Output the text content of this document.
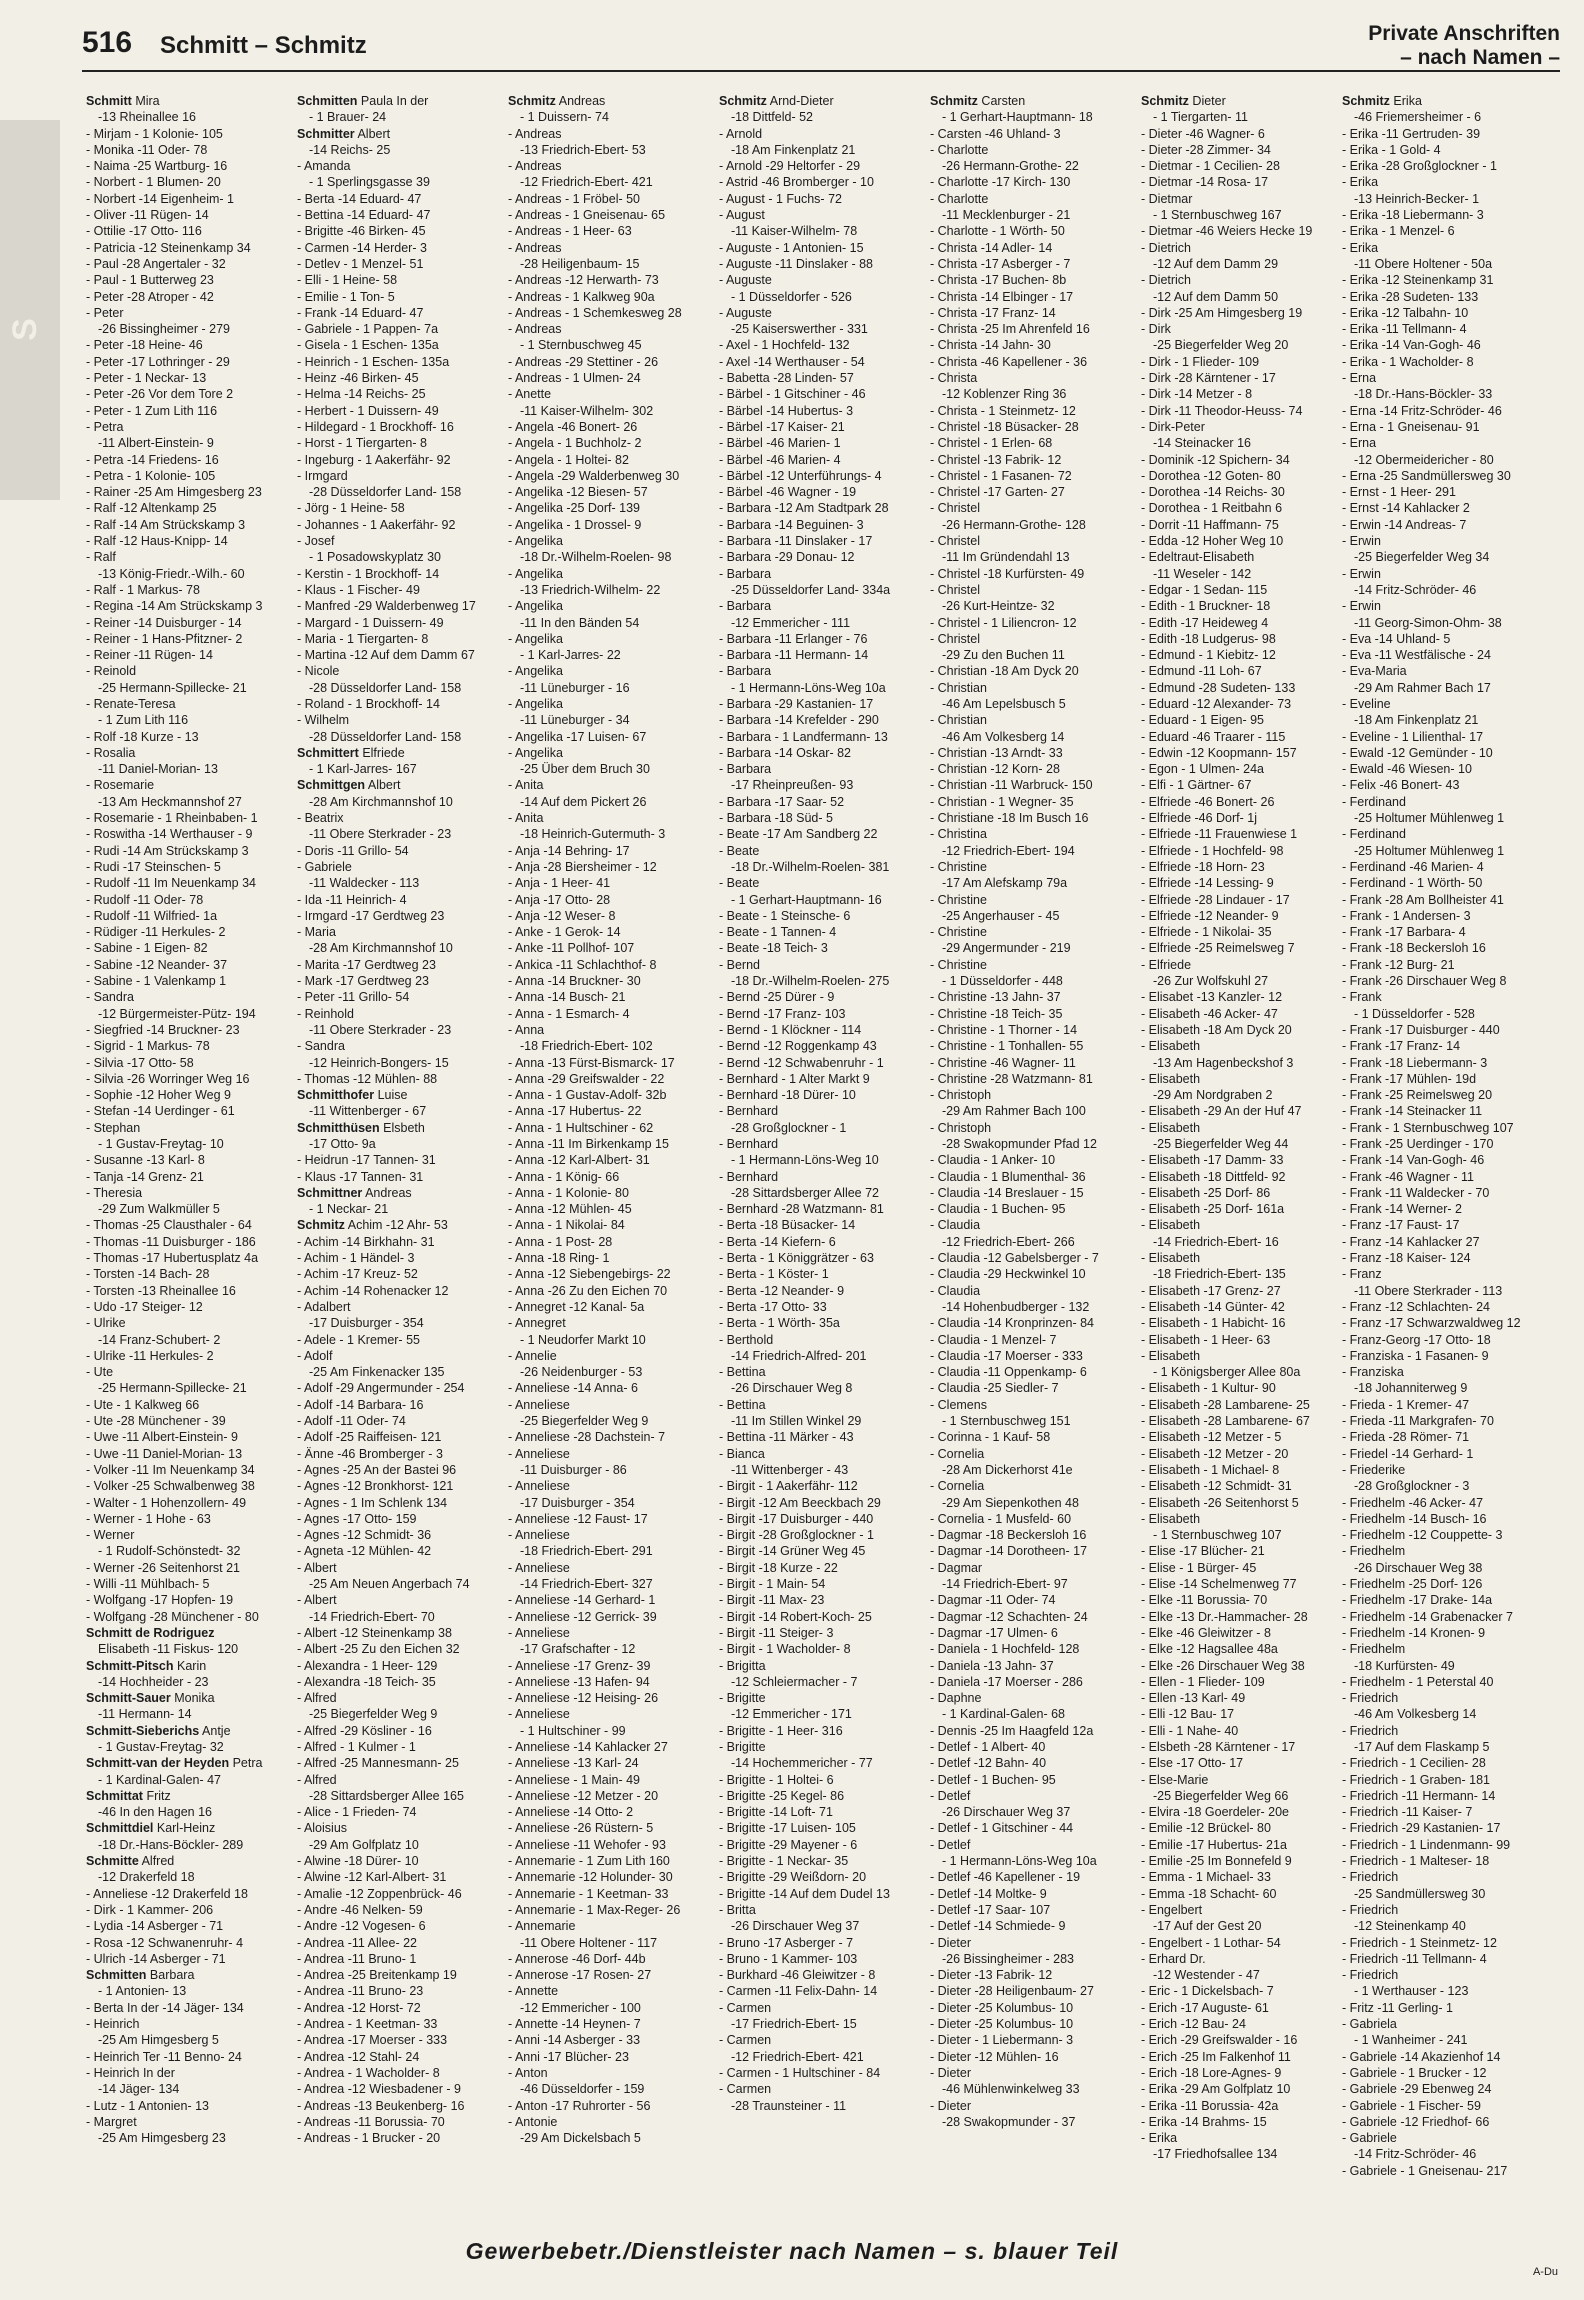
516 Schmitt – Schmitz	Private Anschriften
– nach Namen –
S
Schmitt Mira
-13 Rheinallee 16
- Mirjam - 1 Kolonie- 105
- Monika -11 Oder- 78
- Naima -25 Wartburg- 16
- Norbert - 1 Blumen- 20
- Norbert -14 Eigenheim- 1
- Oliver -11 Rügen- 14
- Ottilie -17 Otto- 116
- Patricia -12 Steinenkamp 34
- Paul -28 Angertaler - 32
- Paul - 1 Butterweg 23
- Peter -28 Atroper - 42
- Peter
-26 Bissingheimer - 279
- Peter -18 Heine- 46
- Peter -17 Lothringer - 29
- Peter - 1 Neckar- 13
- Peter -26 Vor dem Tore 2
- Peter - 1 Zum Lith 116
- Petra
-11 Albert-Einstein- 9
- Petra -14 Friedens- 16
- Petra - 1 Kolonie- 105
- Rainer -25 Am Himgesberg 23
- Ralf -12 Altenkamp 25
- Ralf -14 Am Strückskamp 3
- Ralf -12 Haus-Knipp- 14
- Ralf
-13 König-Friedr.-Wilh.- 60
- Ralf - 1 Markus- 78
- Regina -14 Am Strückskamp 3
- Reiner -14 Duisburger - 14
- Reiner - 1 Hans-Pfitzner- 2
- Reiner -11 Rügen- 14
- Reinold
-25 Hermann-Spillecke- 21
- Renate-Teresa
- 1 Zum Lith 116
- Rolf -18 Kurze - 13
- Rosalia
-11 Daniel-Morian- 13
- Rosemarie
-13 Am Heckmannshof 27
- Rosemarie - 1 Rheinbaben- 1
- Roswitha -14 Werthauser - 9
- Rudi -14 Am Strückskamp 3
- Rudi -17 Steinschen- 5
- Rudolf -11 Im Neuenkamp 34
- Rudolf -11 Oder- 78
- Rudolf -11 Wilfried- 1a
- Rüdiger -11 Herkules- 2
- Sabine - 1 Eigen- 82
- Sabine -12 Neander- 37
- Sabine - 1 Valenkamp 1
- Sandra
-12 Bürgermeister-Pütz- 194
- Siegfried -14 Bruckner- 23
- Sigrid - 1 Markus- 78
- Silvia -17 Otto- 58
- Silvia -26 Worringer Weg 16
- Sophie -12 Hoher Weg 9
- Stefan -14 Uerdinger - 61
- Stephan
- 1 Gustav-Freytag- 10
- Susanne -13 Karl- 8
- Tanja -14 Grenz- 21
- Theresia
-29 Zum Walkmüller 5
- Thomas -25 Clausthaler - 64
- Thomas -11 Duisburger - 186
- Thomas -17 Hubertusplatz 4a
- Torsten -14 Bach- 28
- Torsten -13 Rheinallee 16
- Udo -17 Steiger- 12
- Ulrike
-14 Franz-Schubert- 2
- Ulrike -11 Herkules- 2
- Ute
-25 Hermann-Spillecke- 21
- Ute - 1 Kalkweg 66
- Ute -28 Münchener - 39
- Uwe -11 Albert-Einstein- 9
- Uwe -11 Daniel-Morian- 13
- Volker -11 Im Neuenkamp 34
- Volker -25 Schwalbenweg 38
- Walter - 1 Hohenzollern- 49
- Werner - 1 Hohe - 63
- Werner
- 1 Rudolf-Schönstedt- 32
- Werner -26 Seitenhorst 21
- Willi -11 Mühlbach- 5
- Wolfgang -17 Hopfen- 19
- Wolfgang -28 Münchener - 80
Schmitt de Rodriguez
Elisabeth -11 Fiskus- 120
Schmitt-Pitsch Karin
-14 Hochheider - 23
Schmitt-Sauer Monika
-11 Hermann- 14
Schmitt-Sieberichs Antje
- 1 Gustav-Freytag- 32
Schmitt-van der Heyden Petra
- 1 Kardinal-Galen- 47
Schmittat Fritz
-46 In den Hagen 16
Schmittdiel Karl-Heinz
-18 Dr.-Hans-Böckler- 289
Schmitte Alfred
-12 Drakerfeld 18
- Anneliese -12 Drakerfeld 18
- Dirk - 1 Kammer- 206
- Lydia -14 Asberger - 71
- Rosa -12 Schwanenruhr- 4
- Ulrich -14 Asberger - 71
Schmitten Barbara
- 1 Antonien- 13
- Berta In der -14 Jäger- 134
- Heinrich
-25 Am Himgesberg 5
- Heinrich Ter -11 Benno- 24
- Heinrich In der
-14 Jäger- 134
- Lutz - 1 Antonien- 13
- Margret
-25 Am Himgesberg 23
Schmitten Paula In der
- 1 Brauer- 24
Schmitter Albert
-14 Reichs- 25
- Amanda
- 1 Sperlingsgasse 39
- Berta -14 Eduard- 47
- Bettina -14 Eduard- 47
- Brigitte -46 Birken- 45
- Carmen -14 Herder- 3
- Detlev - 1 Menzel- 51
- Elli - 1 Heine- 58
- Emilie - 1 Ton- 5
- Frank -14 Eduard- 47
- Gabriele - 1 Pappen- 7a
- Gisela - 1 Eschen- 135a
- Heinrich - 1 Eschen- 135a
- Heinz -46 Birken- 45
- Helma -14 Reichs- 25
- Herbert - 1 Duissern- 49
- Hildegard - 1 Brockhoff- 16
- Horst - 1 Tiergarten- 8
- Ingeburg - 1 Aakerfähr- 92
- Irmgard
-28 Düsseldorfer Land- 158
- Jörg - 1 Heine- 58
- Johannes - 1 Aakerfähr- 92
- Josef
- 1 Posadowskyplatz 30
- Kerstin - 1 Brockhoff- 14
- Klaus - 1 Fischer- 49
- Manfred -29 Walderbenweg 17
- Margard - 1 Duissern- 49
- Maria - 1 Tiergarten- 8
- Martina -12 Auf dem Damm 67
- Nicole
-28 Düsseldorfer Land- 158
- Roland - 1 Brockhoff- 14
- Wilhelm
-28 Düsseldorfer Land- 158
Schmittert Elfriede
- 1 Karl-Jarres- 167
Schmittgen Albert
-28 Am Kirchmannshof 10
- Beatrix
-11 Obere Sterkrader - 23
- Doris -11 Grillo- 54
- Gabriele
-11 Waldecker - 113
- Ida -11 Heinrich- 4
- Irmgard -17 Gerdtweg 23
- Maria
-28 Am Kirchmannshof 10
- Marita -17 Gerdtweg 23
- Mark -17 Gerdtweg 23
- Peter -11 Grillo- 54
- Reinhold
-11 Obere Sterkrader - 23
- Sandra
-12 Heinrich-Bongers- 15
- Thomas -12 Mühlen- 88
Schmitthofer Luise
-11 Wittenberger - 67
Schmitthüsen Elsbeth
-17 Otto- 9a
- Heidrun -17 Tannen- 31
- Klaus -17 Tannen- 31
Schmittner Andreas
- 1 Neckar- 21
Schmitz Achim -12 Ahr- 53
- Achim -14 Birkhahn- 31
- Achim - 1 Händel- 3
- Achim -17 Kreuz- 52
- Achim -14 Rohenacker 12
- Adalbert
-17 Duisburger - 354
- Adele - 1 Kremer- 55
- Adolf
-25 Am Finkenacker 135
- Adolf -29 Angermunder - 254
- Adolf -14 Barbara- 16
- Adolf -11 Oder- 74
- Adolf -25 Raiffeisen- 121
- Änne -46 Bromberger - 3
- Agnes -25 An der Bastei 96
- Agnes -12 Bronkhorst- 121
- Agnes - 1 Im Schlenk 134
- Agnes -17 Otto- 159
- Agnes -12 Schmidt- 36
- Agneta -12 Mühlen- 42
- Albert
-25 Am Neuen Angerbach 74
- Albert
-14 Friedrich-Ebert- 70
- Albert -12 Steinenkamp 38
- Albert -25 Zu den Eichen 32
- Alexandra - 1 Heer- 129
- Alexandra -18 Teich- 35
- Alfred
-25 Biegerfelder Weg 9
- Alfred -29 Kösliner - 16
- Alfred - 1 Kulmer - 1
- Alfred -25 Mannesmann- 25
- Alfred
-28 Sittardsberger Allee 165
- Alice - 1 Frieden- 74
- Aloisius
-29 Am Golfplatz 10
- Alwine -18 Dürer- 10
- Alwine -12 Karl-Albert- 31
- Amalie -12 Zoppenbrück- 46
- Andre -46 Nelken- 59
- Andre -12 Vogesen- 6
- Andrea -11 Allee- 22
- Andrea -11 Bruno- 1
- Andrea -25 Breitenkamp 19
- Andrea -11 Bruno- 23
- Andrea -12 Horst- 72
- Andrea - 1 Keetman- 33
- Andrea -17 Moerser - 333
- Andrea -12 Stahl- 24
- Andrea - 1 Wacholder- 8
- Andrea -12 Wiesbadener - 9
- Andreas -13 Beukenberg- 16
- Andreas -11 Borussia- 70
- Andreas - 1 Brucker - 20
Schmitz Andreas
- 1 Duissern- 74
- Andreas
-13 Friedrich-Ebert- 53
- Andreas
-12 Friedrich-Ebert- 421
- Andreas - 1 Fröbel- 50
- Andreas - 1 Gneisenau- 65
- Andreas - 1 Heer- 63
- Andreas
-28 Heiligenbaum- 15
- Andreas -12 Herwarth- 73
- Andreas - 1 Kalkweg 90a
- Andreas - 1 Schemkesweg 28
- Andreas
- 1 Sternbuschweg 45
- Andreas -29 Stettiner - 26
- Andreas - 1 Ulmen- 24
- Anette
-11 Kaiser-Wilhelm- 302
- Angela -46 Bonert- 26
- Angela - 1 Buchholz- 2
- Angela - 1 Holtei- 82
- Angela -29 Walderbenweg 30
- Angelika -12 Biesen- 57
- Angelika -25 Dorf- 139
- Angelika - 1 Drossel- 9
- Angelika
-18 Dr.-Wilhelm-Roelen- 98
- Angelika
-13 Friedrich-Wilhelm- 22
- Angelika
-11 In den Bänden 54
- Angelika
- 1 Karl-Jarres- 22
- Angelika
-11 Lüneburger - 16
- Angelika
-11 Lüneburger - 34
- Angelika -17 Luisen- 67
- Angelika
-25 Über dem Bruch 30
- Anita
-14 Auf dem Pickert 26
- Anita
-18 Heinrich-Gutermuth- 3
- Anja -14 Behring- 17
- Anja -28 Biersheimer - 12
- Anja - 1 Heer- 41
- Anja -17 Otto- 28
- Anja -12 Weser- 8
- Anke - 1 Gerok- 14
- Anke -11 Pollhof- 107
- Ankica -11 Schlachthof- 8
- Anna -14 Bruckner- 30
- Anna -14 Busch- 21
- Anna - 1 Esmarch- 4
- Anna
-18 Friedrich-Ebert- 102
- Anna -13 Fürst-Bismarck- 17
- Anna -29 Greifswalder - 22
- Anna - 1 Gustav-Adolf- 32b
- Anna -17 Hubertus- 22
- Anna - 1 Hultschiner - 62
- Anna -11 Im Birkenkamp 15
- Anna -12 Karl-Albert- 31
- Anna - 1 König- 66
- Anna - 1 Kolonie- 80
- Anna -12 Mühlen- 45
- Anna - 1 Nikolai- 84
- Anna - 1 Post- 28
- Anna -18 Ring- 1
- Anna -12 Siebengebirgs- 22
- Anna -26 Zu den Eichen 70
- Annegret -12 Kanal- 5a
- Annegret
- 1 Neudorfer Markt 10
- Annelie
-26 Neidenburger - 53
- Anneliese -14 Anna- 6
- Anneliese
-25 Biegerfelder Weg 9
- Anneliese -28 Dachstein- 7
- Anneliese
-11 Duisburger - 86
- Anneliese
-17 Duisburger - 354
- Anneliese -12 Faust- 17
- Anneliese
-18 Friedrich-Ebert- 291
- Anneliese
-14 Friedrich-Ebert- 327
- Anneliese -14 Gerhard- 1
- Anneliese -12 Gerrick- 39
- Anneliese
-17 Grafschafter - 12
- Anneliese -17 Grenz- 39
- Anneliese -13 Hafen- 94
- Anneliese -12 Heising- 26
- Anneliese
- 1 Hultschiner - 99
- Anneliese -14 Kahlacker 27
- Anneliese -13 Karl- 24
- Anneliese - 1 Main- 49
- Anneliese -12 Metzer - 20
- Anneliese -14 Otto- 2
- Anneliese -26 Rüstern- 5
- Anneliese -11 Wehofer - 93
- Annemarie - 1 Zum Lith 160
- Annemarie -12 Holunder- 30
- Annemarie - 1 Keetman- 33
- Annemarie - 1 Max-Reger- 26
- Annemarie
-11 Obere Holtener - 117
- Annerose -46 Dorf- 44b
- Annerose -17 Rosen- 27
- Annette
-12 Emmericher - 100
- Annette -14 Heynen- 7
- Anni -14 Asberger - 33
- Anni -17 Blücher- 23
- Anton
-46 Düsseldorfer - 159
- Anton -17 Ruhrorter - 56
- Antonie
-29 Am Dickelsbach 5
Schmitz Arnd-Dieter
-18 Dittfeld- 52
- Arnold
-18 Am Finkenplatz 21
- Arnold -29 Heltorfer - 29
- Astrid -46 Bromberger - 10
- August - 1 Fuchs- 72
- August
-11 Kaiser-Wilhelm- 78
- Auguste - 1 Antonien- 15
- Auguste -11 Dinslaker - 88
- Auguste
- 1 Düsseldorfer - 526
- Auguste
-25 Kaiserswerther - 331
- Axel - 1 Hochfeld- 132
- Axel -14 Werthauser - 54
- Babetta -28 Linden- 57
- Bärbel - 1 Gitschiner - 46
- Bärbel -14 Hubertus- 3
- Bärbel -17 Kaiser- 21
- Bärbel -46 Marien- 1
- Bärbel -46 Marien- 4
- Bärbel -12 Unterführungs- 4
- Bärbel -46 Wagner - 19
- Barbara -12 Am Stadtpark 28
- Barbara -14 Beguinen- 3
- Barbara -11 Dinslaker - 17
- Barbara -29 Donau- 12
- Barbara
-25 Düsseldorfer Land- 334a
- Barbara
-12 Emmericher - 111
- Barbara -11 Erlanger - 76
- Barbara -11 Hermann- 14
- Barbara
- 1 Hermann-Löns-Weg 10a
- Barbara -29 Kastanien- 17
- Barbara -14 Krefelder - 290
- Barbara - 1 Landfermann- 13
- Barbara -14 Oskar- 82
- Barbara
-17 Rheinpreußen- 93
- Barbara -17 Saar- 52
- Barbara -18 Süd- 5
- Beate -17 Am Sandberg 22
- Beate
-18 Dr.-Wilhelm-Roelen- 381
- Beate
- 1 Gerhart-Hauptmann- 16
- Beate - 1 Steinsche- 6
- Beate - 1 Tannen- 4
- Beate -18 Teich- 3
- Bernd
-18 Dr.-Wilhelm-Roelen- 275
- Bernd -25 Dürer - 9
- Bernd -17 Franz- 103
- Bernd - 1 Klöckner - 114
- Bernd -12 Roggenkamp 43
- Bernd -12 Schwabenruhr - 1
- Bernhard - 1 Alter Markt 9
- Bernhard -18 Dürer- 10
- Bernhard
-28 Großglockner - 1
- Bernhard
- 1 Hermann-Löns-Weg 10
- Bernhard
-28 Sittardsberger Allee 72
- Bernhard -28 Watzmann- 81
- Berta -18 Büsacker- 14
- Berta -14 Kiefern- 6
- Berta - 1 Königgrätzer - 63
- Berta - 1 Köster- 1
- Berta -12 Neander- 9
- Berta -17 Otto- 33
- Berta - 1 Wörth- 35a
- Berthold
-14 Friedrich-Alfred- 201
- Bettina
-26 Dirschauer Weg 8
- Bettina
-11 Im Stillen Winkel 29
- Bettina -11 Märker - 43
- Bianca
-11 Wittenberger - 43
- Birgit - 1 Aakerfähr- 112
- Birgit -12 Am Beeckbach 29
- Birgit -17 Duisburger - 440
- Birgit -28 Großglockner - 1
- Birgit -14 Grüner Weg 45
- Birgit -18 Kurze - 22
- Birgit - 1 Main- 54
- Birgit -11 Max- 23
- Birgit -14 Robert-Koch- 25
- Birgit -11 Steiger- 3
- Birgit - 1 Wacholder- 8
- Brigitta
-12 Schleiermacher - 7
- Brigitte
-12 Emmericher - 171
- Brigitte - 1 Heer- 316
- Brigitte
-14 Hochemmericher - 77
- Brigitte - 1 Holtei- 6
- Brigitte -25 Kegel- 86
- Brigitte -14 Loft- 71
- Brigitte -17 Luisen- 105
- Brigitte -29 Mayener - 6
- Brigitte - 1 Neckar- 35
- Brigitte -29 Weißdorn- 20
- Brigitte -14 Auf dem Dudel 13
- Britta
-26 Dirschauer Weg 37
- Bruno -17 Asberger - 7
- Bruno - 1 Kammer- 103
- Burkhard -46 Gleiwitzer - 8
- Carmen -11 Felix-Dahn- 14
- Carmen
-17 Friedrich-Ebert- 15
- Carmen
-12 Friedrich-Ebert- 421
- Carmen - 1 Hultschiner - 84
- Carmen
-28 Traunsteiner - 11
Schmitz Carsten
- 1 Gerhart-Hauptmann- 18
- Carsten -46 Uhland- 3
- Charlotte
-26 Hermann-Grothe- 22
- Charlotte -17 Kirch- 130
- Charlotte
-11 Mecklenburger - 21
- Charlotte - 1 Wörth- 50
- Christa -14 Adler- 14
- Christa -17 Asberger - 7
- Christa -17 Buchen- 8b
- Christa -14 Elbinger - 17
- Christa -17 Franz- 14
- Christa -25 Im Ahrenfeld 16
- Christa -14 Jahn- 30
- Christa -46 Kapellener - 36
- Christa
-12 Koblenzer Ring 36
- Christa - 1 Steinmetz- 12
- Christel -18 Büsacker- 28
- Christel - 1 Erlen- 68
- Christel -13 Fabrik- 12
- Christel - 1 Fasanen- 72
- Christel -17 Garten- 27
- Christel
-26 Hermann-Grothe- 128
- Christel
-11 Im Gründendahl 13
- Christel -18 Kurfürsten- 49
- Christel
-26 Kurt-Heintze- 32
- Christel - 1 Liliencron- 12
- Christel
-29 Zu den Buchen 11
- Christian -18 Am Dyck 20
- Christian
-46 Am Lepelsbusch 5
- Christian
-46 Am Volkesberg 14
- Christian -13 Arndt- 33
- Christian -12 Korn- 28
- Christian -11 Warbruck- 150
- Christian - 1 Wegner- 35
- Christiane -18 Im Busch 16
- Christina
-12 Friedrich-Ebert- 194
- Christine
-17 Am Alefskamp 79a
- Christine
-25 Angerhauser - 45
- Christine
-29 Angermunder - 219
- Christine
- 1 Düsseldorfer - 448
- Christine -13 Jahn- 37
- Christine -18 Teich- 35
- Christine - 1 Thorner - 14
- Christine - 1 Tonhallen- 55
- Christine -46 Wagner- 11
- Christine -28 Watzmann- 81
- Christoph
-29 Am Rahmer Bach 100
- Christoph
-28 Swakopmunder Pfad 12
- Claudia - 1 Anker- 10
- Claudia - 1 Blumenthal- 36
- Claudia -14 Breslauer - 15
- Claudia - 1 Buchen- 95
- Claudia
-12 Friedrich-Ebert- 266
- Claudia -12 Gabelsberger - 7
- Claudia -29 Heckwinkel 10
- Claudia
-14 Hohenbudberger - 132
- Claudia -14 Kronprinzen- 84
- Claudia - 1 Menzel- 7
- Claudia -17 Moerser - 333
- Claudia -11 Oppenkamp- 6
- Claudia -25 Siedler- 7
- Clemens
- 1 Sternbuschweg 151
- Corinna - 1 Kauf- 58
- Cornelia
-28 Am Dickerhorst 41e
- Cornelia
-29 Am Siepenkothen 48
- Cornelia - 1 Musfeld- 60
- Dagmar -18 Beckersloh 16
- Dagmar -14 Dorotheen- 17
- Dagmar
-14 Friedrich-Ebert- 97
- Dagmar -11 Oder- 74
- Dagmar -12 Schachten- 24
- Dagmar -17 Ulmen- 6
- Daniela - 1 Hochfeld- 128
- Daniela -13 Jahn- 37
- Daniela -17 Moerser - 286
- Daphne
- 1 Kardinal-Galen- 68
- Dennis -25 Im Haagfeld 12a
- Detlef - 1 Albert- 40
- Detlef -12 Bahn- 40
- Detlef - 1 Buchen- 95
- Detlef
-26 Dirschauer Weg 37
- Detlef - 1 Gitschiner - 44
- Detlef
- 1 Hermann-Löns-Weg 10a
- Detlef -46 Kapellener - 19
- Detlef -14 Moltke- 9
- Detlef -17 Saar- 107
- Detlef -14 Schmiede- 9
- Dieter
-26 Bissingheimer - 283
- Dieter -13 Fabrik- 12
- Dieter -28 Heiligenbaum- 27
- Dieter -25 Kolumbus- 10
- Dieter -25 Kolumbus- 10
- Dieter - 1 Liebermann- 3
- Dieter -12 Mühlen- 16
- Dieter
-46 Mühlenwinkelweg 33
- Dieter
-28 Swakopmunder - 37
Schmitz Dieter
- 1 Tiergarten- 11
- Dieter -46 Wagner- 6
- Dieter -28 Zimmer- 34
- Dietmar - 1 Cecilien- 28
- Dietmar -14 Rosa- 17
- Dietmar
- 1 Sternbuschweg 167
- Dietmar -46 Weiers Hecke 19
- Dietrich
-12 Auf dem Damm 29
- Dietrich
-12 Auf dem Damm 50
- Dirk -25 Am Himgesberg 19
- Dirk
-25 Biegerfelder Weg 20
- Dirk - 1 Flieder- 109
- Dirk -28 Kärntener - 17
- Dirk -14 Metzer - 8
- Dirk -11 Theodor-Heuss- 74
- Dirk-Peter
-14 Steinacker 16
- Dominik -12 Spichern- 34
- Dorothea -12 Goten- 80
- Dorothea -14 Reichs- 30
- Dorothea - 1 Reitbahn 6
- Dorrit -11 Haffmann- 75
- Edda -12 Hoher Weg 10
- Edeltraut-Elisabeth
-11 Weseler - 142
- Edgar - 1 Sedan- 115
- Edith - 1 Bruckner- 18
- Edith -17 Heideweg 4
- Edith -18 Ludgerus- 98
- Edmund - 1 Kiebitz- 12
- Edmund -11 Loh- 67
- Edmund -28 Sudeten- 133
- Eduard -12 Alexander- 73
- Eduard - 1 Eigen- 95
- Eduard -46 Traarer - 115
- Edwin -12 Koopmann- 157
- Egon - 1 Ulmen- 24a
- Elfi - 1 Gärtner- 67
- Elfriede -46 Bonert- 26
- Elfriede -46 Dorf- 1j
- Elfriede -11 Frauenwiese 1
- Elfriede - 1 Hochfeld- 98
- Elfriede -18 Horn- 23
- Elfriede -14 Lessing- 9
- Elfriede -28 Lindauer - 17
- Elfriede -12 Neander- 9
- Elfriede - 1 Nikolai- 35
- Elfriede -25 Reimelsweg 7
- Elfriede
-26 Zur Wolfskuhl 27
- Elisabet -13 Kanzler- 12
- Elisabeth -46 Acker- 47
- Elisabeth -18 Am Dyck 20
- Elisabeth
-13 Am Hagenbeckshof 3
- Elisabeth
-29 Am Nordgraben 2
- Elisabeth -29 An der Huf 47
- Elisabeth
-25 Biegerfelder Weg 44
- Elisabeth -17 Damm- 33
- Elisabeth -18 Dittfeld- 92
- Elisabeth -25 Dorf- 86
- Elisabeth -25 Dorf- 161a
- Elisabeth
-14 Friedrich-Ebert- 16
- Elisabeth
-18 Friedrich-Ebert- 135
- Elisabeth -17 Grenz- 27
- Elisabeth -14 Günter- 42
- Elisabeth - 1 Habicht- 16
- Elisabeth - 1 Heer- 63
- Elisabeth
- 1 Königsberger Allee 80a
- Elisabeth - 1 Kultur- 90
- Elisabeth -28 Lambarene- 25
- Elisabeth -28 Lambarene- 67
- Elisabeth -12 Metzer - 5
- Elisabeth -12 Metzer - 20
- Elisabeth - 1 Michael- 8
- Elisabeth -12 Schmidt- 31
- Elisabeth -26 Seitenhorst 5
- Elisabeth
- 1 Sternbuschweg 107
- Elise -17 Blücher- 21
- Elise - 1 Bürger- 45
- Elise -14 Schelmenweg 77
- Elke -11 Borussia- 70
- Elke -13 Dr.-Hammacher- 28
- Elke -46 Gleiwitzer - 8
- Elke -12 Hagsallee 48a
- Elke -26 Dirschauer Weg 38
- Ellen - 1 Flieder- 109
- Ellen -13 Karl- 49
- Elli -12 Bau- 17
- Elli - 1 Nahe- 40
- Elsbeth -28 Kärntener - 17
- Else -17 Otto- 17
- Else-Marie
-25 Biegerfelder Weg 66
- Elvira -18 Goerdeler- 20e
- Emilie -12 Brückel- 80
- Emilie -17 Hubertus- 21a
- Emilie -25 Im Bonnefeld 9
- Emma - 1 Michael- 33
- Emma -18 Schacht- 60
- Engelbert
-17 Auf der Gest 20
- Engelbert - 1 Lothar- 54
- Erhard Dr.
-12 Westender - 47
- Eric - 1 Dickelsbach- 7
- Erich -17 Auguste- 61
- Erich -12 Bau- 24
- Erich -29 Greifswalder - 16
- Erich -25 Im Falkenhof 11
- Erich -18 Lore-Agnes- 9
- Erika -29 Am Golfplatz 10
- Erika -11 Borussia- 42a
- Erika -14 Brahms- 15
- Erika
-17 Friedhofsallee 134
Schmitz Erika
-46 Friemersheimer - 6
- Erika -11 Gertruden- 39
- Erika - 1 Gold- 4
- Erika -28 Großglockner - 1
- Erika
-13 Heinrich-Becker- 1
- Erika -18 Liebermann- 3
- Erika - 1 Menzel- 6
- Erika
-11 Obere Holtener - 50a
- Erika -12 Steinenkamp 31
- Erika -28 Sudeten- 133
- Erika -12 Talbahn- 10
- Erika -11 Tellmann- 4
- Erika -14 Van-Gogh- 46
- Erika - 1 Wacholder- 8
- Erna
-18 Dr.-Hans-Böckler- 33
- Erna -14 Fritz-Schröder- 46
- Erna - 1 Gneisenau- 91
- Erna
-12 Obermeidericher - 80
- Erna -25 Sandmüllersweg 30
- Ernst - 1 Heer- 291
- Ernst -14 Kahlacker 2
- Erwin -14 Andreas- 7
- Erwin
-25 Biegerfelder Weg 34
- Erwin
-14 Fritz-Schröder- 46
- Erwin
-11 Georg-Simon-Ohm- 38
- Eva -14 Uhland- 5
- Eva -11 Westfälische - 24
- Eva-Maria
-29 Am Rahmer Bach 17
- Eveline
-18 Am Finkenplatz 21
- Eveline - 1 Lilienthal- 17
- Ewald -12 Gemünder - 10
- Ewald -46 Wiesen- 10
- Felix -46 Bonert- 43
- Ferdinand
-25 Holtumer Mühlenweg 1
- Ferdinand
-25 Holtumer Mühlenweg 1
- Ferdinand -46 Marien- 4
- Ferdinand - 1 Wörth- 50
- Frank -28 Am Bollheister 41
- Frank - 1 Andersen- 3
- Frank -17 Barbara- 4
- Frank -18 Beckersloh 16
- Frank -12 Burg- 21
- Frank -26 Dirschauer Weg 8
- Frank
- 1 Düsseldorfer - 528
- Frank -17 Duisburger - 440
- Frank -17 Franz- 14
- Frank -18 Liebermann- 3
- Frank -17 Mühlen- 19d
- Frank -25 Reimelsweg 20
- Frank -14 Steinacker 11
- Frank - 1 Sternbuschweg 107
- Frank -25 Uerdinger - 170
- Frank -14 Van-Gogh- 46
- Frank -46 Wagner - 11
- Frank -11 Waldecker - 70
- Frank -14 Werner- 2
- Franz -17 Faust- 17
- Franz -14 Kahlacker 27
- Franz -18 Kaiser- 124
- Franz
-11 Obere Sterkrader - 113
- Franz -12 Schlachten- 24
- Franz -17 Schwarzwaldweg 12
- Franz-Georg -17 Otto- 18
- Franziska - 1 Fasanen- 9
- Franziska
-18 Johanniterweg 9
- Frieda - 1 Kremer- 47
- Frieda -11 Markgrafen- 70
- Frieda -28 Römer- 71
- Friedel -14 Gerhard- 1
- Friederike
-28 Großglockner - 3
- Friedhelm -46 Acker- 47
- Friedhelm -14 Busch- 16
- Friedhelm -12 Couppette- 3
- Friedhelm
-26 Dirschauer Weg 38
- Friedhelm -25 Dorf- 126
- Friedhelm -17 Drake- 14a
- Friedhelm -14 Grabenacker 7
- Friedhelm -14 Kronen- 9
- Friedhelm
-18 Kurfürsten- 49
- Friedhelm - 1 Peterstal 40
- Friedrich
-46 Am Volkesberg 14
- Friedrich
-17 Auf dem Flaskamp 5
- Friedrich - 1 Cecilien- 28
- Friedrich - 1 Graben- 181
- Friedrich -11 Hermann- 14
- Friedrich -11 Kaiser- 7
- Friedrich -29 Kastanien- 17
- Friedrich - 1 Lindenmann- 99
- Friedrich - 1 Malteser- 18
- Friedrich
-25 Sandmüllersweg 30
- Friedrich
-12 Steinenkamp 40
- Friedrich - 1 Steinmetz- 12
- Friedrich -11 Tellmann- 4
- Friedrich
- 1 Werthauser - 123
- Fritz -11 Gerling- 1
- Gabriela
- 1 Wanheimer - 241
- Gabriele -14 Akazienhof 14
- Gabriele - 1 Brucker - 12
- Gabriele -29 Ebenweg 24
- Gabriele - 1 Fischer- 59
- Gabriele -12 Friedhof- 66
- Gabriele
-14 Fritz-Schröder- 46
- Gabriele - 1 Gneisenau- 217
Gewerbebetr./Dienstleister nach Namen – s. blauer Teil
A-Du
